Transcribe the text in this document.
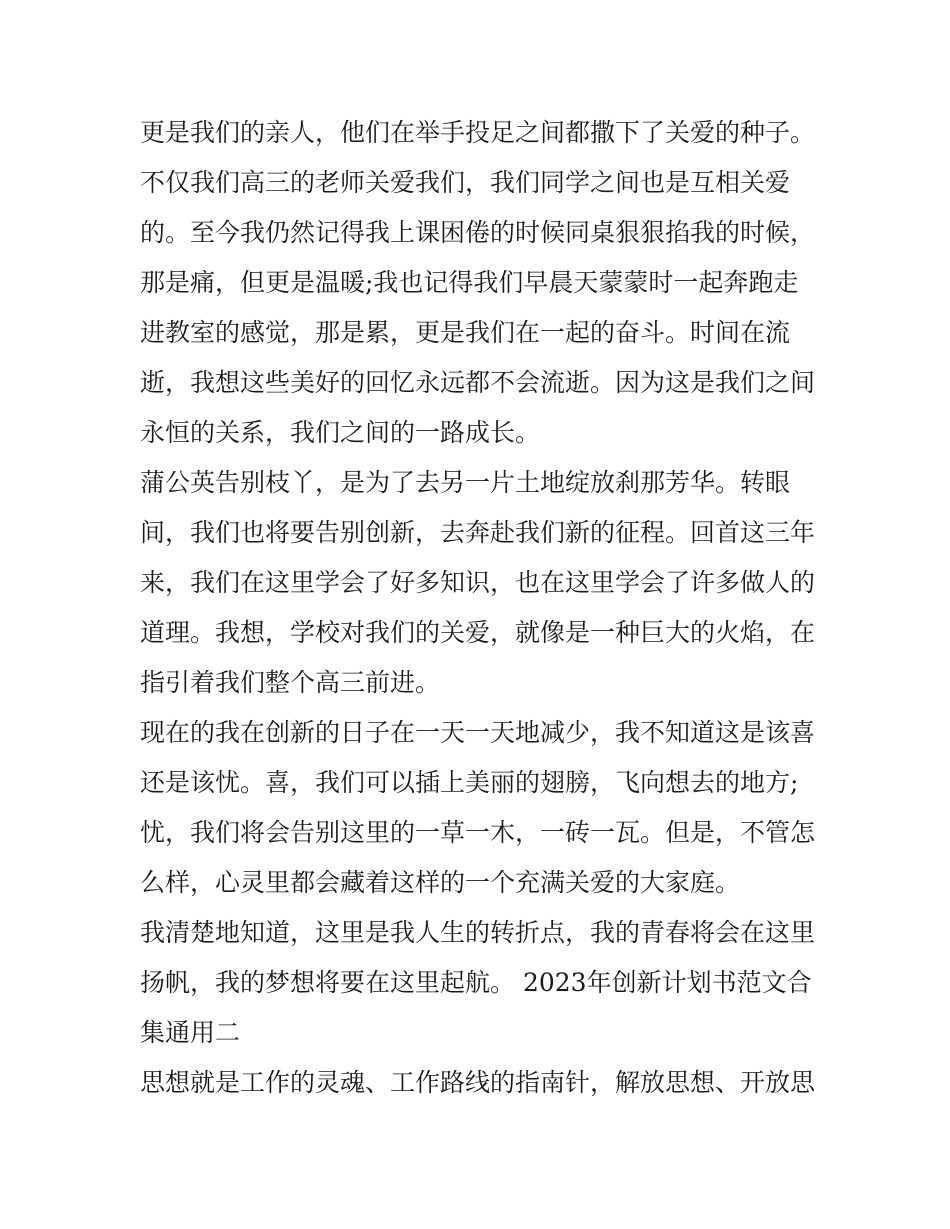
更是我们的亲人，他们在举手投足之间都撒下了关爱的种子。
不仅我们高三的老师关爱我们，我们同学之间也是互相关爱
的。至今我仍然记得我上课困倦的时候同桌狠狠掐我的时候，
那是痛，但更是温暖;我也记得我们早晨天蒙蒙时一起奔跑走
进教室的感觉，那是累，更是我们在一起的奋斗。时间在流
逝，我想这些美好的回忆永远都不会流逝。因为这是我们之间
永恒的关系，我们之间的一路成长。
蒲公英告别枝丫，是为了去另一片土地绽放刹那芳华。转眼
间，我们也将要告别创新，去奔赴我们新的征程。回首这三年
来，我们在这里学会了好多知识，也在这里学会了许多做人的
道理。我想，学校对我们的关爱，就像是一种巨大的火焰，在
指引着我们整个高三前进。
现在的我在创新的日子在一天一天地减少，我不知道这是该喜
还是该忧。喜，我们可以插上美丽的翅膀，飞向想去的地方;
忧，我们将会告别这里的一草一木，一砖一瓦。但是，不管怎
么样，心灵里都会藏着这样的一个充满关爱的大家庭。
我清楚地知道，这里是我人生的转折点，我的青春将会在这里
扬帆，我的梦想将要在这里起航。 2023年创新计划书范文合
集通用二
思想就是工作的灵魂、工作路线的指南针，解放思想、开放思
